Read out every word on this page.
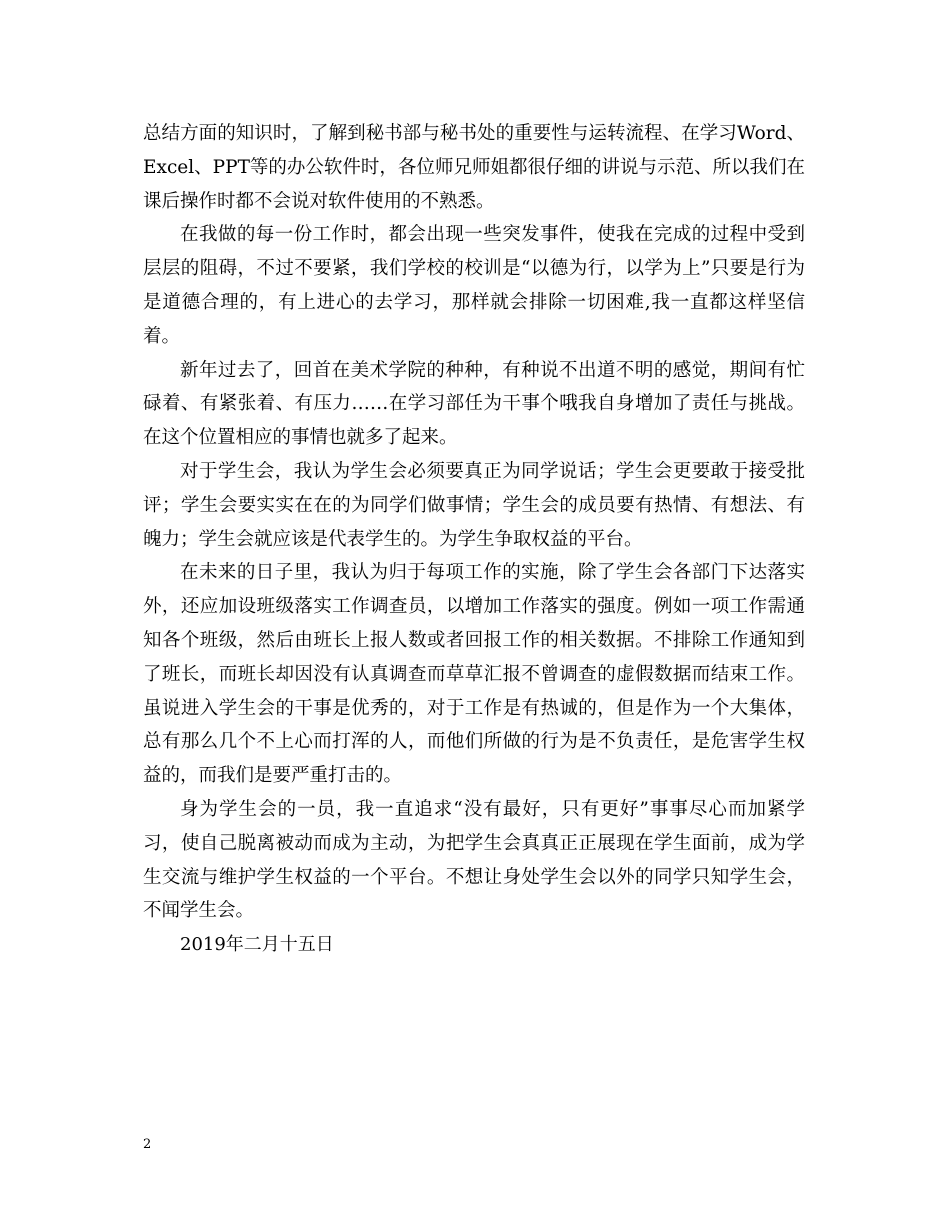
总结方面的知识时，了解到秘书部与秘书处的重要性与运转流程、在学习Word、Excel、PPT等的办公软件时，各位师兄师姐都很仔细的讲说与示范、所以我们在课后操作时都不会说对软件使用的不熟悉。

在我做的每一份工作时，都会出现一些突发事件，使我在完成的过程中受到层层的阻碍，不过不要紧，我们学校的校训是“以德为行，以学为上”只要是行为是道德合理的，有上进心的去学习，那样就会排除一切困难,我一直都这样坚信着。

新年过去了，回首在美术学院的种种，有种说不出道不明的感觉，期间有忙碌着、有紧张着、有压力……在学习部任为干事个哦我自身增加了责任与挑战。在这个位置相应的事情也就多了起来。

对于学生会，我认为学生会必须要真正为同学说话；学生会更要敢于接受批评；学生会要实实在在的为同学们做事情；学生会的成员要有热情、有想法、有魄力；学生会就应该是代表学生的。为学生争取权益的平台。

在未来的日子里，我认为归于每项工作的实施，除了学生会各部门下达落实外，还应加设班级落实工作调查员，以增加工作落实的强度。例如一项工作需通知各个班级，然后由班长上报人数或者回报工作的相关数据。不排除工作通知到了班长，而班长却因没有认真调查而草草汇报不曾调查的虚假数据而结束工作。虽说进入学生会的干事是优秀的，对于工作是有热诚的，但是作为一个大集体，总有那么几个不上心而打浑的人，而他们所做的行为是不负责任，是危害学生权益的，而我们是要严重打击的。

身为学生会的一员，我一直追求“没有最好，只有更好”事事尽心而加紧学习，使自己脱离被动而成为主动，为把学生会真真正正展现在学生面前，成为学生交流与维护学生权益的一个平台。不想让身处学生会以外的同学只知学生会，不闻学生会。

2019年二月十五日

2
